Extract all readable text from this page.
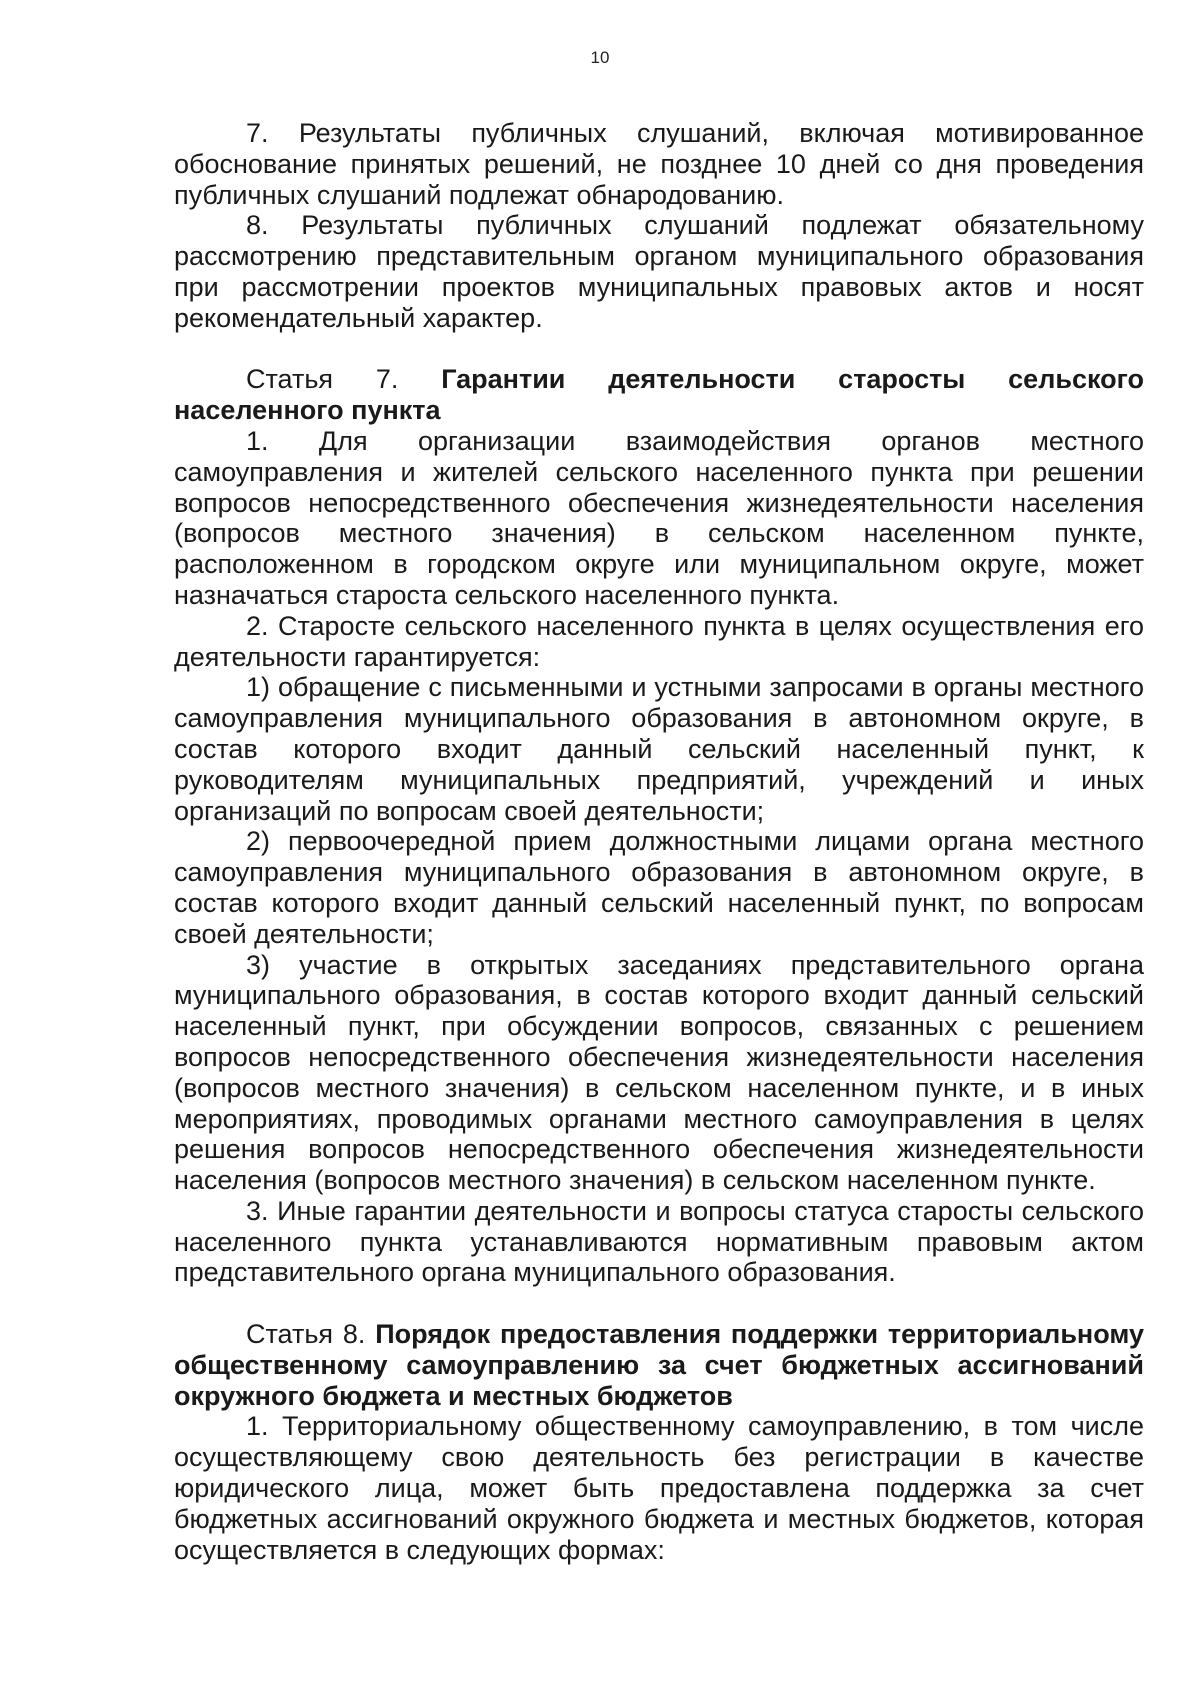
10

7. Результаты публичных слушаний, включая мотивированное обоснование принятых решений, не позднее 10 дней со дня проведения публичных слушаний подлежат обнародованию.

8. Результаты публичных слушаний подлежат обязательному рассмотрению представительным органом муниципального образования при рассмотрении проектов муниципальных правовых актов и носят рекомендательный характер.

Статья 7. Гарантии деятельности старосты сельского населенного пункта

1. Для организации взаимодействия органов местного самоуправления и жителей сельского населенного пункта при решении вопросов непосредственного обеспечения жизнедеятельности населения (вопросов местного значения) в сельском населенном пункте, расположенном в городском округе или муниципальном округе, может назначаться староста сельского населенного пункта.

2. Старосте сельского населенного пункта в целях осуществления его деятельности гарантируется:

1) обращение с письменными и устными запросами в органы местного самоуправления муниципального образования в автономном округе, в состав которого входит данный сельский населенный пункт, к руководителям муниципальных предприятий, учреждений и иных организаций по вопросам своей деятельности;

2) первоочередной прием должностными лицами органа местного самоуправления муниципального образования в автономном округе, в состав которого входит данный сельский населенный пункт, по вопросам своей деятельности;

3) участие в открытых заседаниях представительного органа муниципального образования, в состав которого входит данный сельский населенный пункт, при обсуждении вопросов, связанных с решением вопросов непосредственного обеспечения жизнедеятельности населения (вопросов местного значения) в сельском населенном пункте, и в иных мероприятиях, проводимых органами местного самоуправления в целях решения вопросов непосредственного обеспечения жизнедеятельности населения (вопросов местного значения) в сельском населенном пункте.

3. Иные гарантии деятельности и вопросы статуса старосты сельского населенного пункта устанавливаются нормативным правовым актом представительного органа муниципального образования.

Статья 8. Порядок предоставления поддержки территориальному общественному самоуправлению за счет бюджетных ассигнований окружного бюджета и местных бюджетов

1. Территориальному общественному самоуправлению, в том числе осуществляющему свою деятельность без регистрации в качестве юридического лица, может быть предоставлена поддержка за счет бюджетных ассигнований окружного бюджета и местных бюджетов, которая осуществляется в следующих формах:
